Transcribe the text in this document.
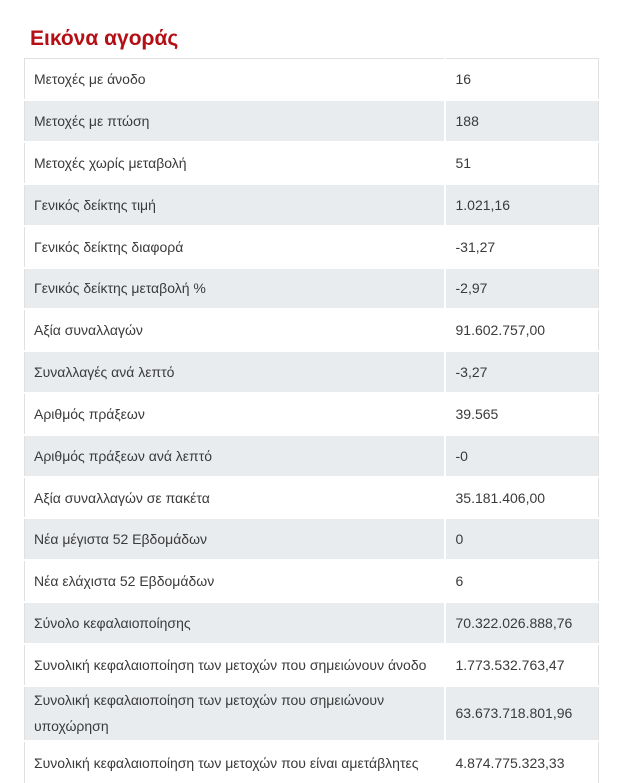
Εικόνα αγοράς
Μετοχές με άνοδο	16
Μετοχές με πτώση	188
Μετοχές χωρίς μεταβολή	51
Γενικός δείκτης τιμή	1.021,16
Γενικός δείκτης διαφορά	-31,27
Γενικός δείκτης μεταβολή %	-2,97
Αξία συναλλαγών	91.602.757,00
Συναλλαγές ανά λεπτό	-3,27
Αριθμός πράξεων	39.565
Αριθμός πράξεων ανά λεπτό	-0
Αξία συναλλαγών σε πακέτα	35.181.406,00
Νέα μέγιστα 52 Εβδομάδων	0
Νέα ελάχιστα 52 Εβδομάδων	6
Σύνολο κεφαλαιοποίησης	70.322.026.888,76
Συνολική κεφαλαιοποίηση των μετοχών που σημειώνουν άνοδο	1.773.532.763,47
Συνολική κεφαλαιοποίηση των μετοχών που σημειώνουν υποχώρηση	63.673.718.801,96
Συνολική κεφαλαιοποίηση των μετοχών που είναι αμετάβλητες	4.874.775.323,33
